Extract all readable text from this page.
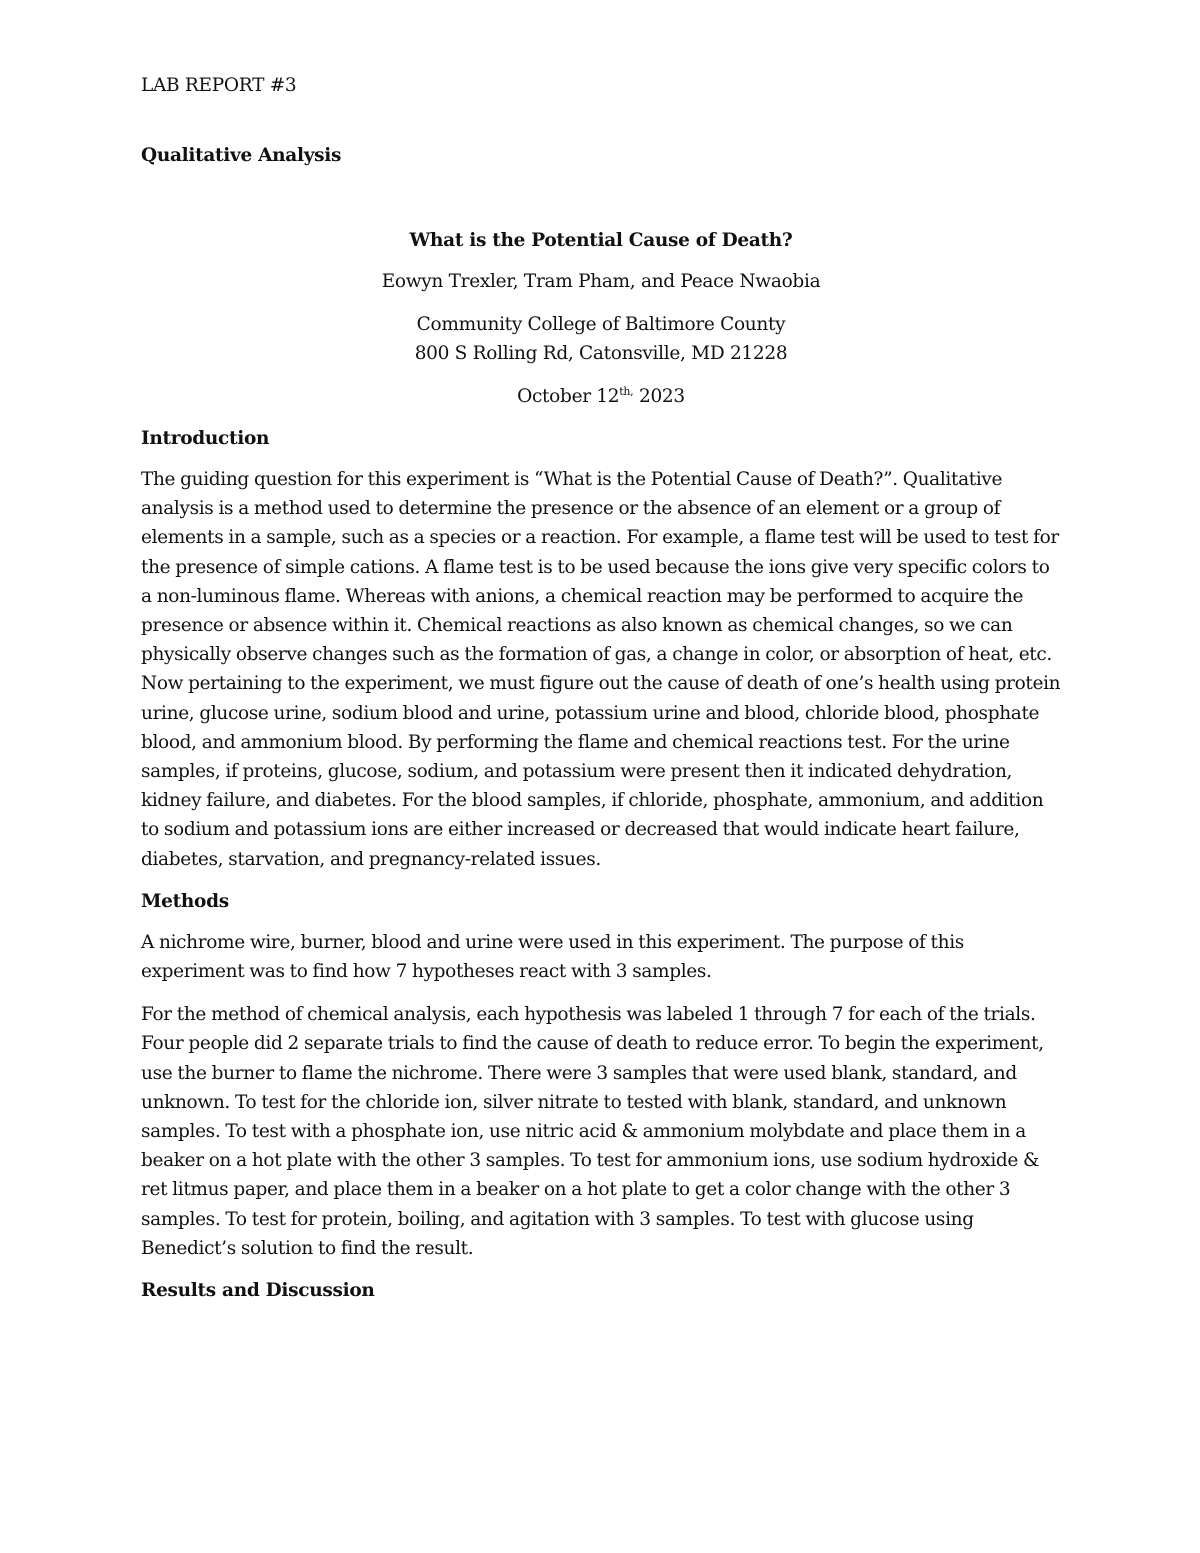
LAB REPORT #3

Qualitative Analysis

What is the Potential Cause of Death?

Eowyn Trexler, Tram Pham, and Peace Nwaobia

Community College of Baltimore County

800 S Rolling Rd, Catonsville, MD 21228

October $12^{th,}$ 2023

Introduction

The guiding question for this experiment is “What is the Potential Cause of Death?”. Qualitative analysis is a method used to determine the presence or the absence of an element or a group of elements in a sample, such as a species or a reaction. For example, a flame test will be used to test for the presence of simple cations. A flame test is to be used because the ions give very specific colors to a non-luminous flame. Whereas with anions, a chemical reaction may be performed to acquire the presence or absence within it. Chemical reactions as also known as chemical changes, so we can physically observe changes such as the formation of gas, a change in color, or absorption of heat, etc. Now pertaining to the experiment, we must figure out the cause of death of one’s health using protein urine, glucose urine, sodium blood and urine, potassium urine and blood, chloride blood, phosphate blood, and ammonium blood. By performing the flame and chemical reactions test. For the urine samples, if proteins, glucose, sodium, and potassium were present then it indicated dehydration, kidney failure, and diabetes. For the blood samples, if chloride, phosphate, ammonium, and addition to sodium and potassium ions are either increased or decreased that would indicate heart failure, diabetes, starvation, and pregnancy-related issues.

Methods

A nichrome wire, burner, blood and urine were used in this experiment. The purpose of this experiment was to find how 7 hypotheses react with 3 samples.

For the method of chemical analysis, each hypothesis was labeled 1 through 7 for each of the trials. Four people did 2 separate trials to find the cause of death to reduce error. To begin the experiment, use the burner to flame the nichrome. There were 3 samples that were used blank, standard, and unknown. To test for the chloride ion, silver nitrate to tested with blank, standard, and unknown samples. To test with a phosphate ion, use nitric acid & ammonium molybdate and place them in a beaker on a hot plate with the other 3 samples. To test for ammonium ions, use sodium hydroxide & ret litmus paper, and place them in a beaker on a hot plate to get a color change with the other 3 samples. To test for protein, boiling, and agitation with 3 samples. To test with glucose using Benedict’s solution to find the result.

Results and Discussion
